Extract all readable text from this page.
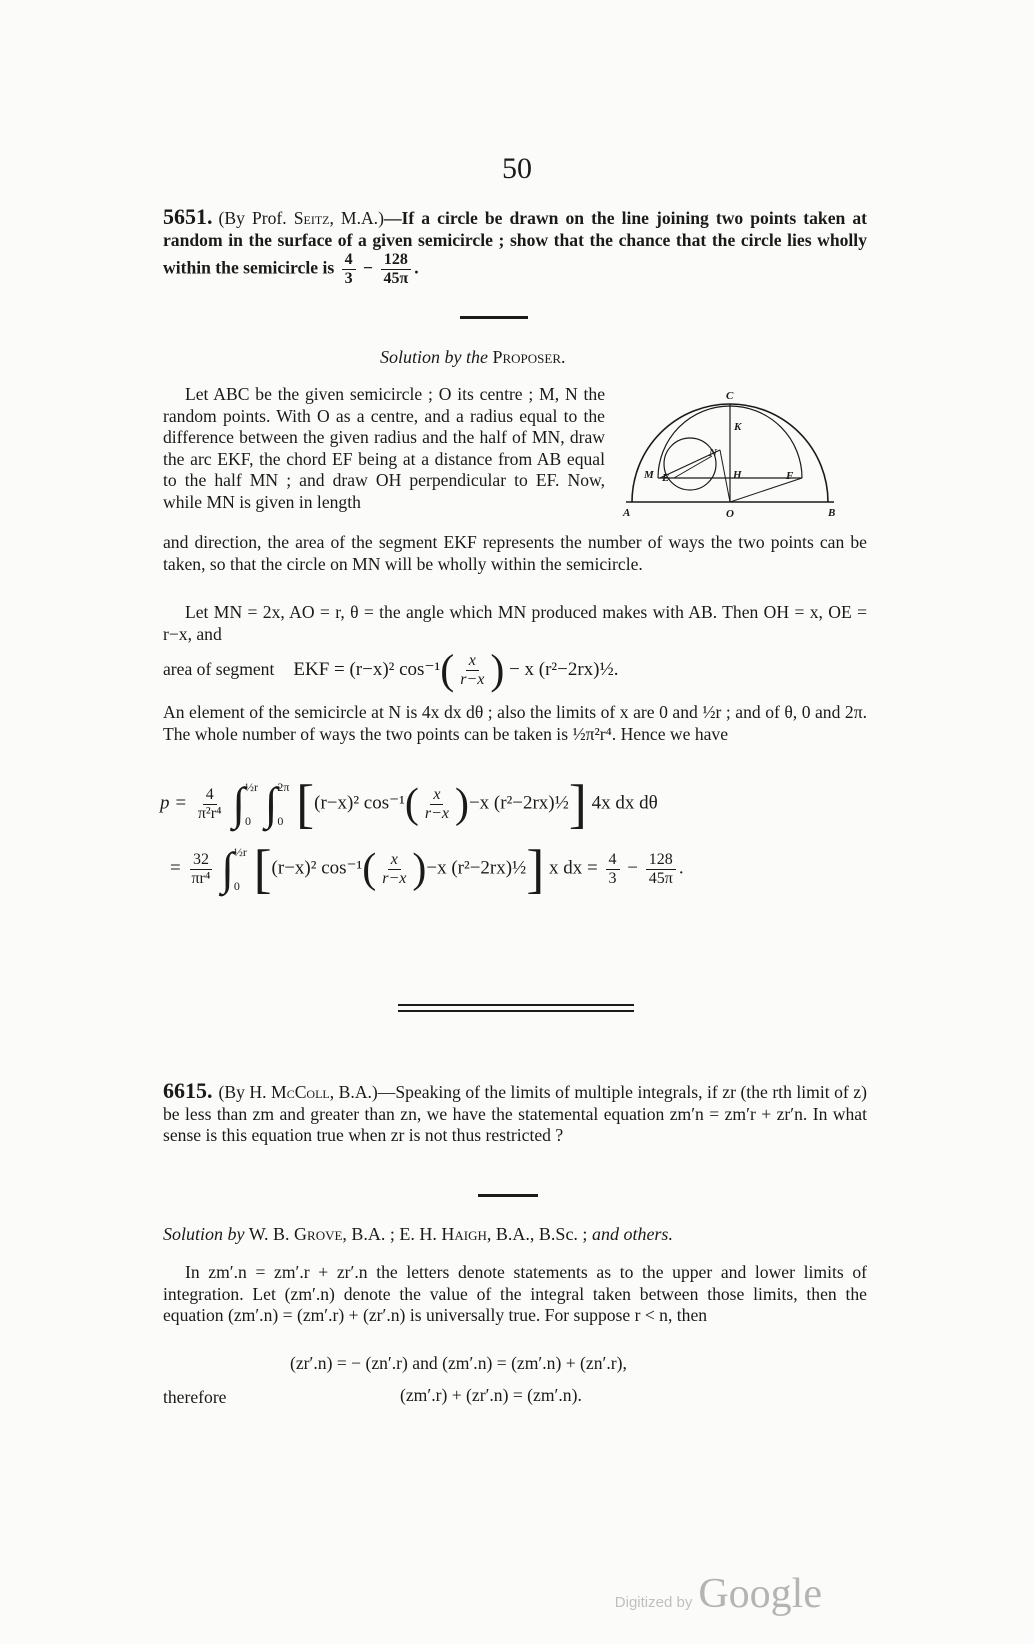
50
5651. (By Prof. Seitz, M.A.)—If a circle be drawn on the line joining two points taken at random in the surface of a given semicircle ; show that the chance that the circle lies wholly within the semicircle is $\frac{4}{3} - \frac{128}{45\pi}$ .
Solution by the Proposer.
C
K
N
M E	H	F
A	O	B
Let ABC be the given semicircle ; O its centre ; M, N the random points. With O as a centre, and a radius equal to the difference between the given radius and the half of MN, draw the arc EKF, the chord EF being at a distance from AB equal to the half MN ; and draw OH perpendicular to EF. Now, while MN is given in length
and direction, the area of the segment EKF represents the number of ways the two points can be taken, so that the circle on MN will be wholly within the semicircle.
Let MN = 2x, AO = r, θ = the angle which MN produced makes with AB. Then OH = x, OE = r−x, and
area of segment EKF = (r−x)² $\cos^{-1}( \frac{x}{r-x}$ ) − x (r²−2rx)½.
An element of the semicircle at N is 4x dx dθ ; also the limits of x are 0 and ½r ; and of θ, 0 and 2π. The whole number of ways the two points can be taken is ½π²r⁴. Hence we have
$p = \frac{4}{\text{π²r⁴}}$ ∫ ½r
0 ∫ 2π
0 [(r−x)² $\cos^{-1}( \frac{x}{r-x} )-x$ (r²−2rx)½] 4x dx dθ
= $\frac{32}{\text{πr⁴}}$ ∫ ½r
0 [(r−x)² $\cos^{-1}( \frac{x}{r-x} )-x$ (r²−2rx)½] x dx = $\frac{4}{3} - \frac{128}{45\pi}$ .
6615. (By H. McColl, B.A.)—Speaking of the limits of multiple integrals, if zr (the rth limit of z) be less than zm and greater than zn, we have the statemental equation zm′n = zm′r + zr′n. In what sense is this equation true when zr is not thus restricted ?
Solution by W. B. Grove, B.A. ; E. H. Haigh, B.A., B.Sc. ; and others.
In zm′.n = zm′.r + zr′.n the letters denote statements as to the upper and lower limits of integration. Let (zm′.n) denote the value of the integral taken between those limits, then the equation (zm′.n) = (zm′.r) + (zr′.n) is universally true. For suppose r < n, then
(zr′.n) = − (zn′.r) and (zm′.n) = (zm′.n) + (zn′.r),
therefore	(zm′.r) + (zr′.n) = (zm′.n).
Digitized by Google
